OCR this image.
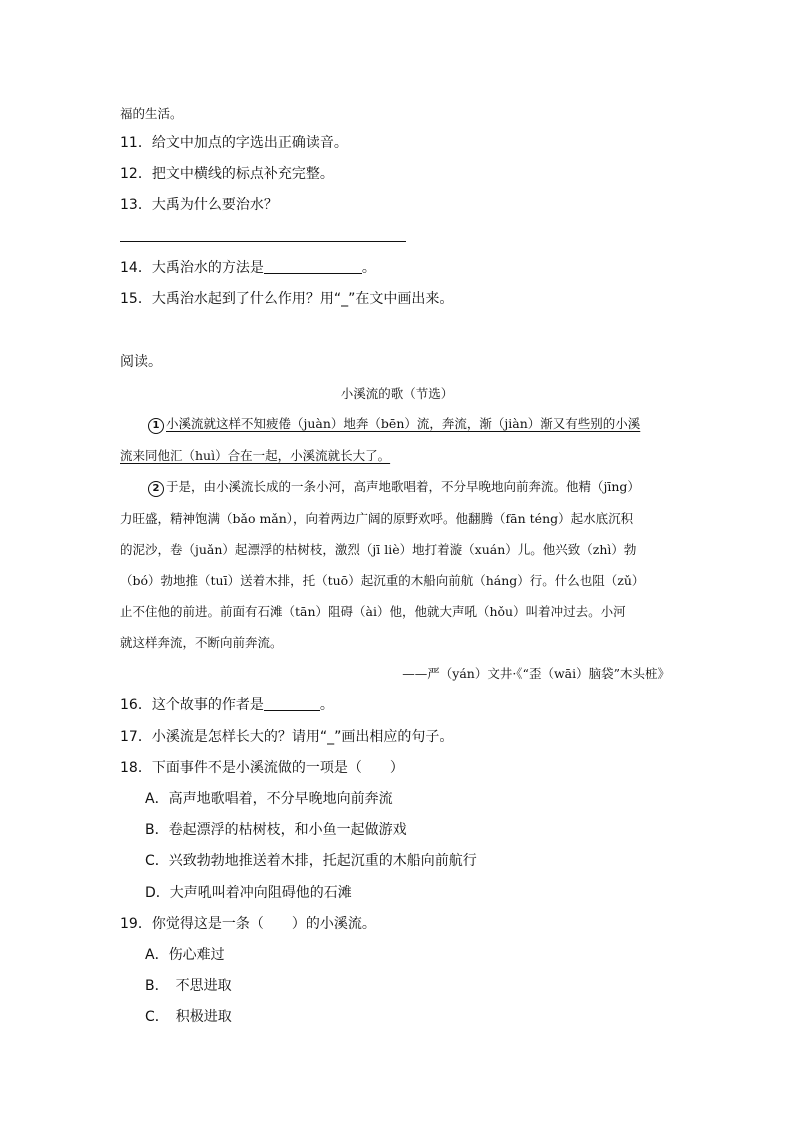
福的生活。
11．给文中加点的字选出正确读音。
12．把文中横线的标点补充完整。
13．大禹为什么要治水？
14．大禹治水的方法是	。
15．大禹治水起到了什么作用？用“_”在文中画出来。
阅读。
小溪流的歌（节选）
1 小溪流就这样不知疲倦（juàn）地奔（bēn）流，奔流，渐（jiàn）渐又有些别的小溪
流来同他汇（huì）合在一起，小溪流就长大了。
2 于是，由小溪流长成的一条小河，高声地歌唱着，不分早晚地向前奔流。他精（jīng）
力旺盛，精神饱满（bǎo mǎn），向着两边广阔的原野欢呼。他翻腾（fān téng）起水底沉积
的泥沙，卷（juǎn）起漂浮的枯树枝，激烈（jī liè）地打着漩（xuán）儿。他兴致（zhì）勃
（bó）勃地推（tuī）送着木排，托（tuō）起沉重的木船向前航（háng）行。什么也阻（zǔ）
止不住他的前进。前面有石滩（tān）阻碍（ài）他，他就大声吼（hǒu）叫着冲过去。小河
就这样奔流，不断向前奔流。
——严（yán）文井·《“歪（wāi）脑袋”木头桩》
16．这个故事的作者是	。
17．小溪流是怎样长大的？请用“_”画出相应的句子。
18．下面事件不是小溪流做的一项是（　　）
A．高声地歌唱着，不分早晚地向前奔流
B．卷起漂浮的枯树枝，和小鱼一起做游戏
C．兴致勃勃地推送着木排，托起沉重的木船向前航行
D．大声吼叫着冲向阻碍他的石滩
19．你觉得这是一条（　　）的小溪流。
A．伤心难过
B．　不思进取
C．　积极进取
